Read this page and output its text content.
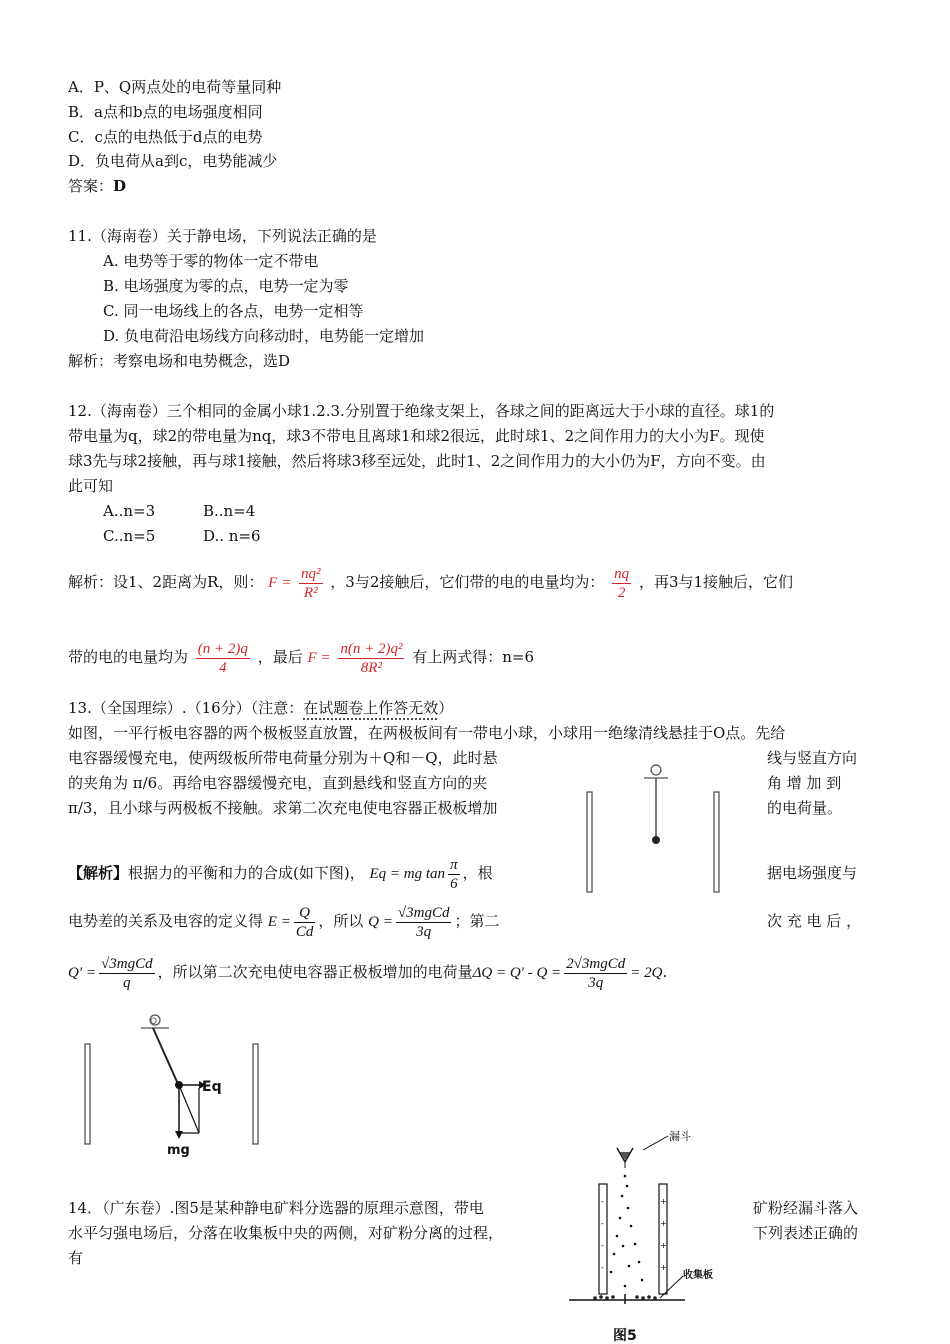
A．P、Q两点处的电荷等量同种
B．a点和b点的电场强度相同
C．c点的电热低于d点的电势
D．负电荷从a到c，电势能减少
答案：D
11.（海南卷）关于静电场，下列说法正确的是
A. 电势等于零的物体一定不带电
B. 电场强度为零的点，电势一定为零
C. 同一电场线上的各点，电势一定相等
D. 负电荷沿电场线方向移动时，电势能一定增加
解析：考察电场和电势概念，选D
12.（海南卷）三个相同的金属小球1.2.3.分别置于绝缘支架上，各球之间的距离远大于小球的直径。球1的
带电量为q，球2的带电量为nq，球3不带电且离球1和球2很远，此时球1、2之间作用力的大小为F。现使
球3先与球2接触，再与球1接触，然后将球3移至远处，此时1、2之间作用力的大小仍为F，方向不变。由
此可知
A..n=3	B..n=4
C..n=5	D.. n=6
解析：设1、2距离为R，则： $F = \frac{\text{nq²}}{\text{R²}}$ ，3与2接触后，它们带的电的电量均为： $\frac{nq}{2}$ ，再3与1接触后，它们
带的电的电量均为 $\frac{(n + 2)q}{4}$ ，最后 $F = \frac{\text{n(n + 2)q²}}{\text{8R²}}$ 有上两式得：n=6
13.（全国理综）.（16分）（注意：在试题卷上作答无效）
如图，一平行板电容器的两个极板竖直放置，在两极板间有一带电小球，小球用一绝缘清线悬挂于O点。先给
电容器缓慢充电，使两级板所带电荷量分别为＋Q和－Q，此时悬	线与竖直方向
的夹角为 π/6。再给电容器缓慢充电，直到悬线和竖直方向的夹	角 增 加 到
π/3，且小球与两极板不接触。求第二次充电使电容器正极板增加	的电荷量。
【解析】根据力的平衡和力的合成(如下图)， Eq = mg $\tan \frac{\pi}{6}$ ，根	据电场强度与
电势差的关系及电容的定义得 $E = \frac{Q}{Cd}$ ，所以 $Q = \frac{\text{√3mgCd}}{3q}$ ；第二	次 充 电 后 ，
$Q' = \frac{\text{√3mgCd}}{q}$ ，所以第二次充电使电容器正极板增加的电荷量$\Delta Q = Q' - Q = \frac{\text{2√3mgCd}}{3q} = 2Q$.
O
Eq
mg
14．（广东卷）.图5是某种静电矿料分选器的原理示意图，带电	矿粉经漏斗落入
水平匀强电场后，分落在收集板中央的两侧，对矿粉分离的过程，	下列表述正确的
有
漏斗
-
-
-
-
+
+
+
+
收集板
图5
